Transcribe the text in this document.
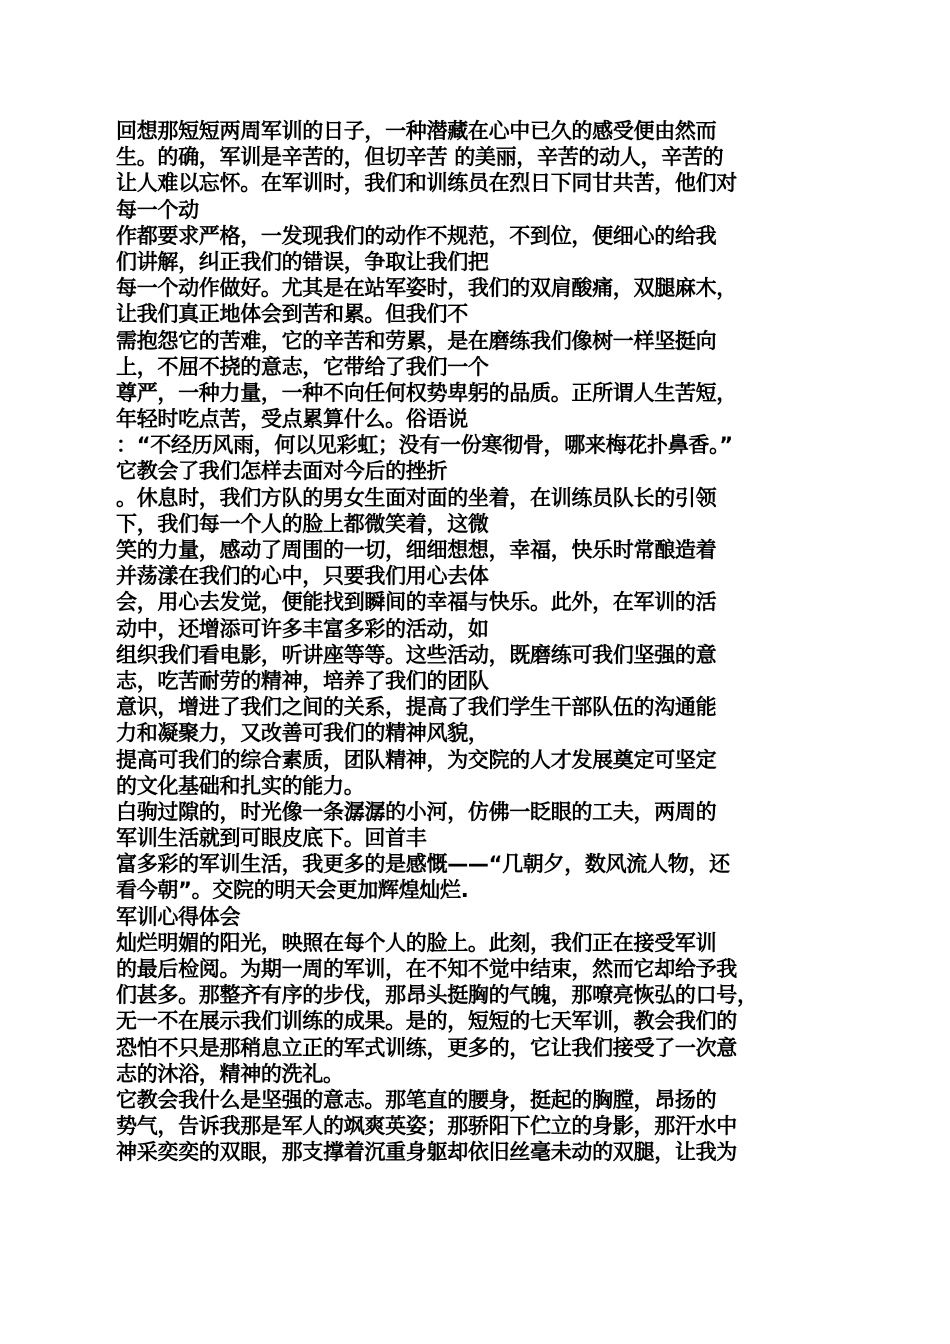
回想那短短两周军训的日子，一种潜藏在心中已久的感受便由然而
生。的确，军训是辛苦的，但切辛苦 的美丽，辛苦的动人，辛苦的
让人难以忘怀。在军训时，我们和训练员在烈日下同甘共苦，他们对
每一个动
作都要求严格，一发现我们的动作不规范，不到位，便细心的给我
们讲解，纠正我们的错误，争取让我们把
每一个动作做好。尤其是在站军姿时，我们的双肩酸痛，双腿麻木，
让我们真正地体会到苦和累。但我们不
需抱怨它的苦难，它的辛苦和劳累，是在磨练我们像树一样坚挺向
上，不屈不挠的意志，它带给了我们一个
尊严，一种力量，一种不向任何权势卑躬的品质。正所谓人生苦短，
年轻时吃点苦，受点累算什么。俗语说
：“不经历风雨，何以见彩虹；没有一份寒彻骨，哪来梅花扑鼻香。”
它教会了我们怎样去面对今后的挫折
。休息时，我们方队的男女生面对面的坐着，在训练员队长的引领
下，我们每一个人的脸上都微笑着，这微
笑的力量，感动了周围的一切，细细想想，幸福，快乐时常酿造着
并荡漾在我们的心中，只要我们用心去体
会，用心去发觉，便能找到瞬间的幸福与快乐。此外，在军训的活
动中，还增添可许多丰富多彩的活动，如
组织我们看电影，听讲座等等。这些活动，既磨练可我们坚强的意
志，吃苦耐劳的精神，培养了我们的团队
意识，增进了我们之间的关系，提高了我们学生干部队伍的沟通能
力和凝聚力，又改善可我们的精神风貌，
提高可我们的综合素质，团队精神，为交院的人才发展奠定可坚定
的文化基础和扎实的能力。
白驹过隙的，时光像一条潺潺的小河，仿佛一眨眼的工夫，两周的
军训生活就到可眼皮底下。回首丰
富多彩的军训生活，我更多的是感慨——“几朝夕，数风流人物，还
看今朝”。交院的明天会更加辉煌灿烂.
军训心得体会
灿烂明媚的阳光，映照在每个人的脸上。此刻，我们正在接受军训
的最后检阅。为期一周的军训，在不知不觉中结束，然而它却给予我
们甚多。那整齐有序的步伐，那昂头挺胸的气魄，那嘹亮恢弘的口号，
无一不在展示我们训练的成果。是的，短短的七天军训，教会我们的
恐怕不只是那稍息立正的军式训练，更多的，它让我们接受了一次意
志的沐浴，精神的洗礼。
它教会我什么是坚强的意志。那笔直的腰身，挺起的胸膛，昂扬的
势气，告诉我那是军人的飒爽英姿；那骄阳下伫立的身影，那汗水中
神采奕奕的双眼，那支撑着沉重身躯却依旧丝毫未动的双腿，让我为
